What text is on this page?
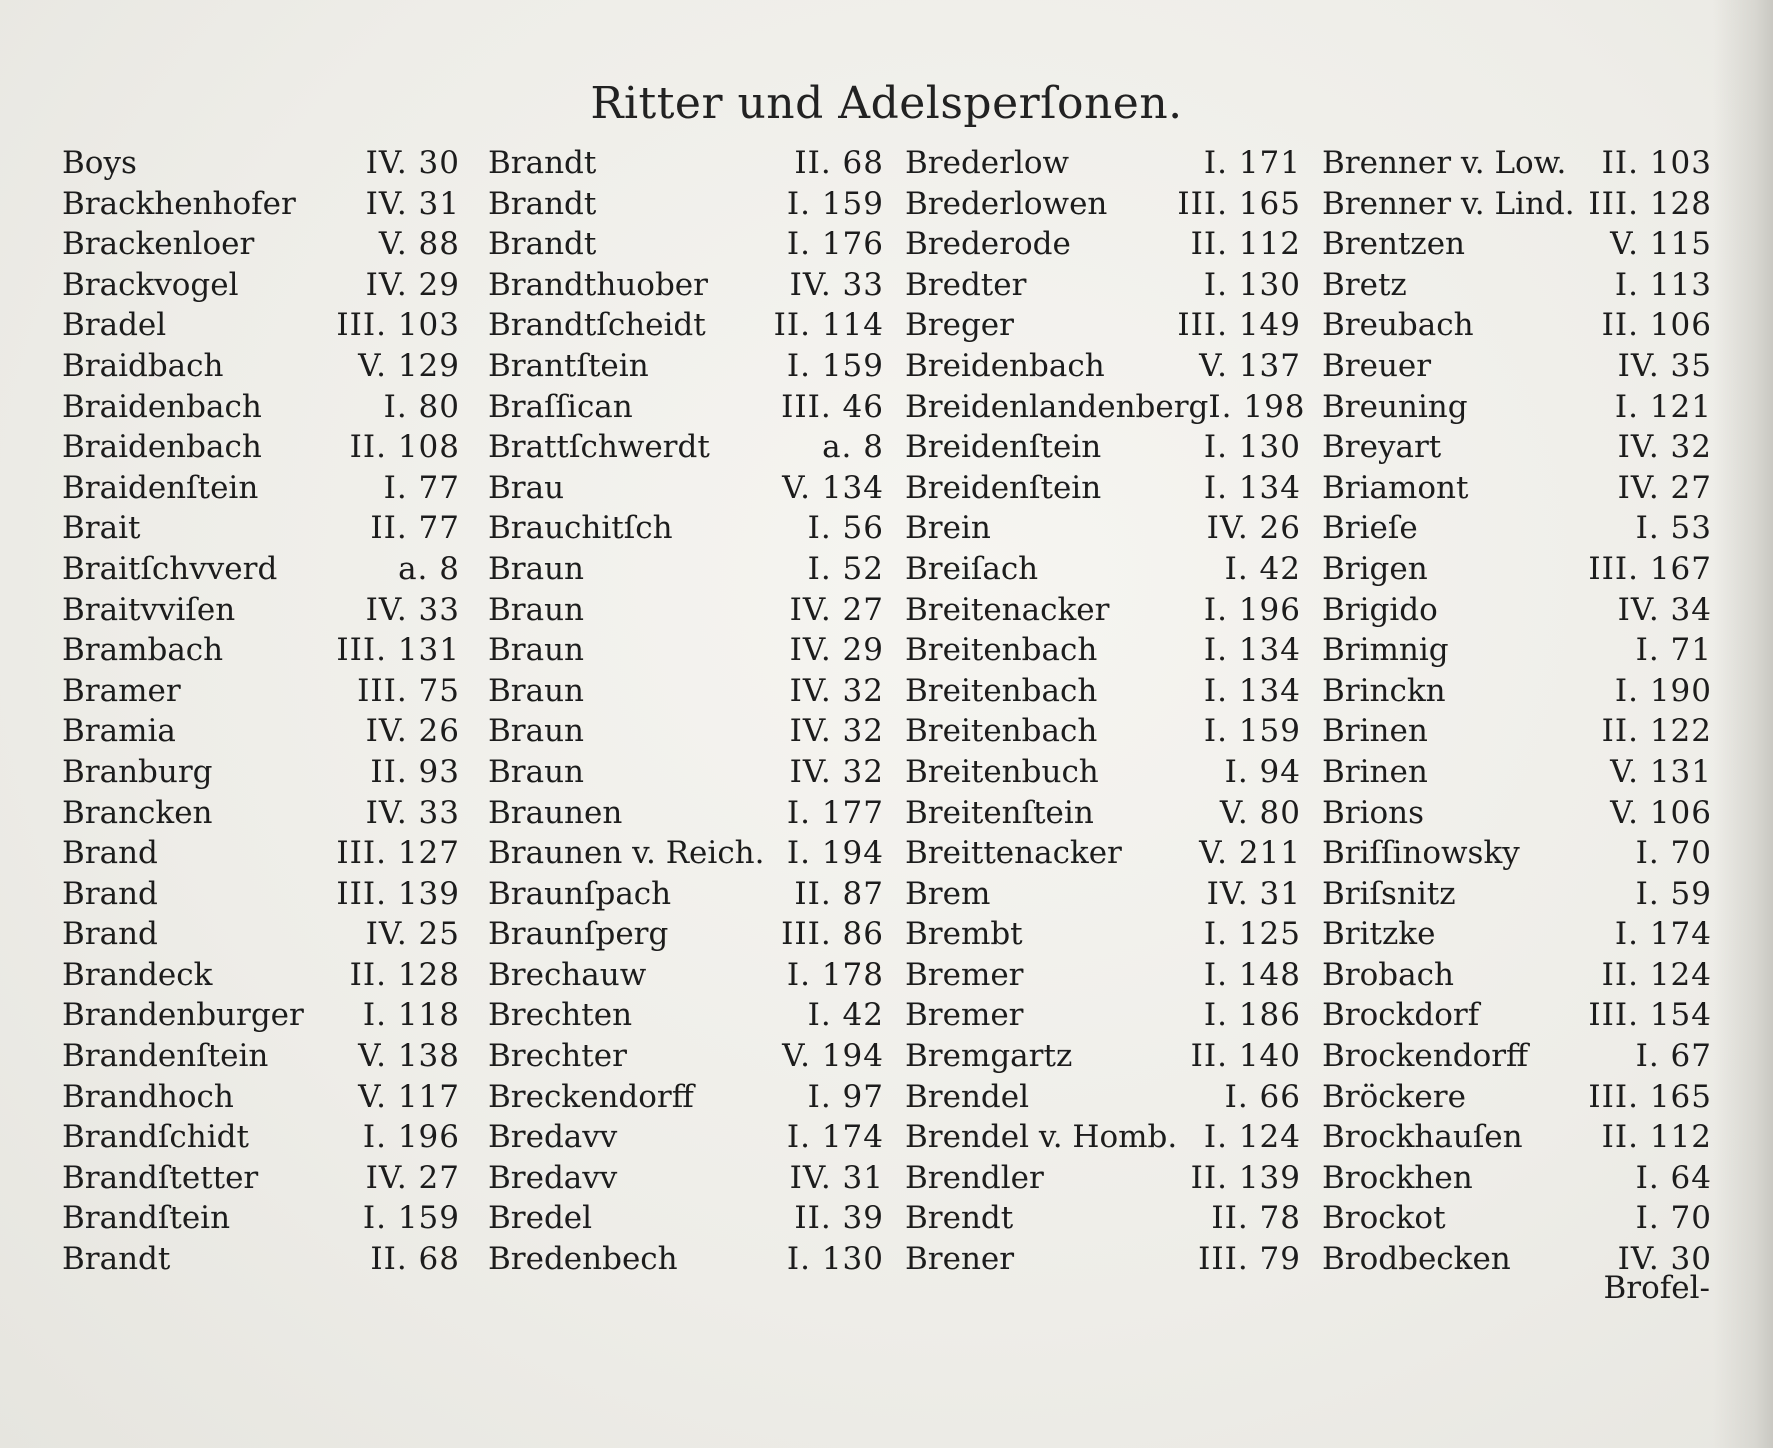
Ritter und Adelsperſonen.
Boys	IV. 30
Brackhenhofer IV. 31
Brackenloer	V. 88
Brackvogel	IV. 29
Bradel	III. 103
Braidbach	V. 129
Braidenbach	I. 80
Braidenbach	II. 108
Braidenſtein	I. 77
Brait	II. 77
Braitſchvverd	a. 8
Braitvviſen	IV. 33
Brambach	III. 131
Bramer	III. 75
Bramia	IV. 26
Branburg	II. 93
Brancken	IV. 33
Brand	III. 127
Brand	III. 139
Brand	IV. 25
Brandeck	II. 128
Brandenburger I. 118
Brandenſtein	V. 138
Brandhoch	V. 117
Brandſchidt	I. 196
Brandſtetter	IV. 27
Brandſtein	I. 159
Brandt	II. 68
Brandt	II. 68
Brandt	I. 159
Brandt	I. 176
Brandthuober	IV. 33
Brandtſcheidt II. 114
Brantſtein	I. 159
Braſſican	III. 46
Brattſchwerdt	a. 8
Brau	V. 134
Brauchitſch	I. 56
Braun	I. 52
Braun	IV. 27
Braun	IV. 29
Braun	IV. 32
Braun	IV. 32
Braun	IV. 32
Braunen	I. 177
Braunen v. Reich. I. 194
Braunſpach	II. 87
Braunſperg	III. 86
Brechauw	I. 178
Brechten	I. 42
Brechter	V. 194
Breckendorff	I. 97
Bredavv	I. 174
Bredavv	IV. 31
Bredel	II. 39
Bredenbech	I. 130
Brederlow	I. 171
Brederlowen III. 165
Brederode	II. 112
Bredter	I. 130
Breger	III. 149
Breidenbach	V. 137
Breidenlandenberg I. 198
Breidenſtein	I. 130
Breidenſtein	I. 134
Brein	IV. 26
Breiſach	I. 42
Breitenacker	I. 196
Breitenbach	I. 134
Breitenbach	I. 134
Breitenbach	I. 159
Breitenbuch	I. 94
Breitenſtein	V. 80
Breittenacker V. 211
Brem	IV. 31
Brembt	I. 125
Bremer	I. 148
Bremer	I. 186
Bremgartz	II. 140
Brendel	I. 66
Brendel v. Homb. I. 124
Brendler	II. 139
Brendt	II. 78
Brener	III. 79
Brenner v. Low. II. 103
Brenner v. Lind. III. 128
Brentzen	V. 115
Bretz	I. 113
Breubach	II. 106
Breuer	IV. 35
Breuning	I. 121
Breyart	IV. 32
Briamont	IV. 27
Brieſe	I. 53
Brigen	III. 167
Brigido	IV. 34
Brimnig	I. 71
Brinckn	I. 190
Brinen	II. 122
Brinen	V. 131
Brions	V. 106
Briſſinowsky	I. 70
Briſsnitz	I. 59
Britzke	I. 174
Brobach	II. 124
Brockdorf	III. 154
Brockendorff	I. 67
Bröckere	III. 165
Brockhauſen	II. 112
Brockhen	I. 64
Brockot	I. 70
Brodbecken	IV. 30
Brofel-
